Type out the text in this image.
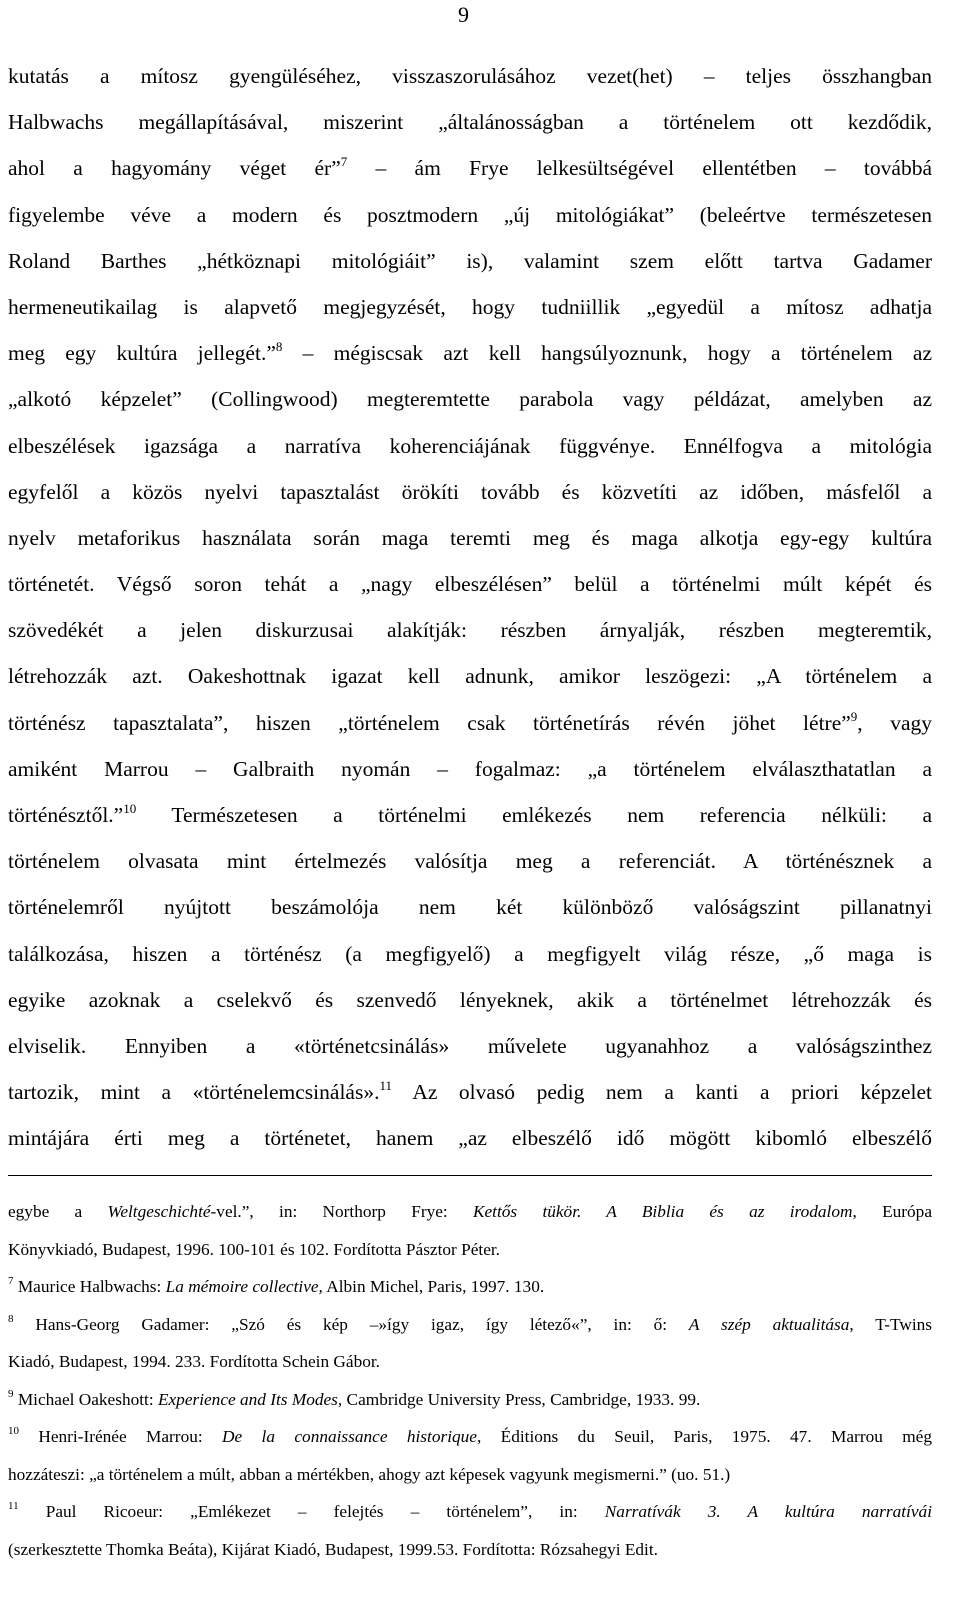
9
kutatás a mítosz gyengüléséhez, visszaszorulásához vezet(het) – teljes összhangban
Halbwachs megállapításával, miszerint „általánosságban a történelem ott kezdődik,
ahol a hagyomány véget ér”$^7$ – ám Frye lelkesültségével ellentétben – továbbá
figyelembe véve a modern és posztmodern „új mitológiákat” (beleértve természetesen
Roland Barthes „hétköznapi mitológiáit” is), valamint szem előtt tartva Gadamer
hermeneutikailag is alapvető megjegyzését, hogy tudniillik „egyedül a mítosz adhatja
meg egy kultúra jellegét.”$^8$ – mégiscsak azt kell hangsúlyoznunk, hogy a történelem az
„alkotó képzelet” (Collingwood) megteremtette parabola vagy példázat, amelyben az
elbeszélések igazsága a narratíva koherenciájának függvénye. Ennélfogva a mitológia
egyfelől a közös nyelvi tapasztalást örökíti tovább és közvetíti az időben, másfelől a
nyelv metaforikus használata során maga teremti meg és maga alkotja egy-egy kultúra
történetét. Végső soron tehát a „nagy elbeszélésen” belül a történelmi múlt képét és
szövedékét a jelen diskurzusai alakítják: részben árnyalják, részben megteremtik,
létrehozzák azt. Oakeshottnak igazat kell adnunk, amikor leszögezi: „A történelem a
történész tapasztalata”, hiszen „történelem csak történetírás révén jöhet létre”$^9$, vagy
amiként Marrou – Galbraith nyomán – fogalmaz: „a történelem elválaszthatatlan a
történésztől.”$^{10}$ Természetesen a történelmi emlékezés nem referencia nélküli: a
történelem olvasata mint értelmezés valósítja meg a referenciát. A történésznek a
történelemről nyújtott beszámolója nem két különböző valóságszint pillanatnyi
találkozása, hiszen a történész (a megfigyelő) a megfigyelt világ része, „ő maga is
egyike azoknak a cselekvő és szenvedő lényeknek, akik a történelmet létrehozzák és
elviselik. Ennyiben a «történetcsinálás» művelete ugyanahhoz a valóságszinthez
tartozik, mint a «történelemcsinálás».$^{11}$ Az olvasó pedig nem a kanti a priori képzelet
mintájára érti meg a történetet, hanem „az elbeszélő idő mögött kibomló elbeszélő
egybe a Weltgeschichté-vel.”, in: Northorp Frye: Kettős tükör. A Biblia és az irodalom, Európa
Könyvkiadó, Budapest, 1996. 100-101 és 102. Fordította Pásztor Péter.
$^7$ Maurice Halbwachs: La mémoire collective, Albin Michel, Paris, 1997. 130.
$^8$ Hans-Georg Gadamer: „Szó és kép –»így igaz, így létező«”, in: ő: A szép aktualitása, T-Twins
Kiadó, Budapest, 1994. 233. Fordította Schein Gábor.
$^9$ Michael Oakeshott: Experience and Its Modes, Cambridge University Press, Cambridge, 1933. 99.
$^{10}$ Henri-Irénée Marrou: De la connaissance historique, Éditions du Seuil, Paris, 1975. 47. Marrou még
hozzáteszi: „a történelem a múlt, abban a mértékben, ahogy azt képesek vagyunk megismerni.” (uo. 51.)
$^{11}$ Paul Ricoeur: „Emlékezet – felejtés – történelem”, in: Narratívák 3. A kultúra narratívái
(szerkesztette Thomka Beáta), Kijárat Kiadó, Budapest, 1999.53. Fordította: Rózsahegyi Edit.
